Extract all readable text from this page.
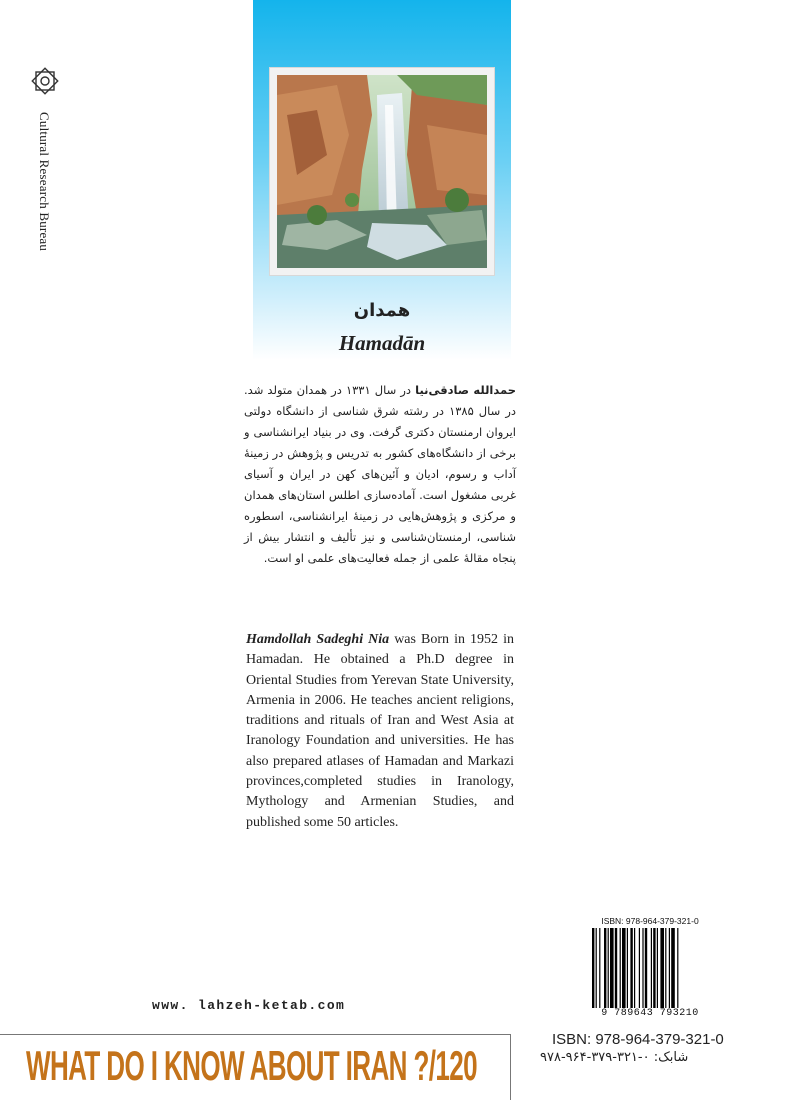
Cultural Research Bureau
همدان
Hamadān
حمدالله صادقی‌نیا در سال ۱۳۳۱ در همدان متولد شد. در سال ۱۳۸۵ در رشته شرق شناسی از دانشگاه دولتی ایروان ارمنستان دکتری گرفت. وی در بنیاد ایرانشناسی و برخی از دانشگاه‌های کشور به تدریس و پژوهش در زمینهٔ آداب و رسوم، ادیان و آئین‌های کهن در ایران و آسیای غربی مشغول است. آماده‌سازی اطلس استان‌های همدان و مرکزی و پژوهش‌هایی در زمینهٔ ایرانشناسی، اسطوره شناسی، ارمنستان‌شناسی و نیز تألیف و انتشار بیش از پنجاه مقالهٔ علمی از جمله فعالیت‌های علمی او است.
Hamdollah Sadeghi Nia was Born in 1952 in Hamadan. He obtained a Ph.D degree in Oriental Studies from Yerevan State University, Armenia in 2006. He teaches ancient religions, traditions and rituals of Iran and West Asia at Iranology Foundation and universities. He has also prepared atlases of Hamadan and Markazi provinces,completed studies in Iranology, Mythology and Armenian Studies, and published some 50 articles.
www. lahzeh-ketab.com
WHAT DO I KNOW ABOUT IRAN ?/120
ISBN: 978-964-379-321-0
9 789643 793210
ISBN: 978-964-379-321-0
شابک: ۰-۳۲۱-۳۷۹-۹۶۴-۹۷۸
